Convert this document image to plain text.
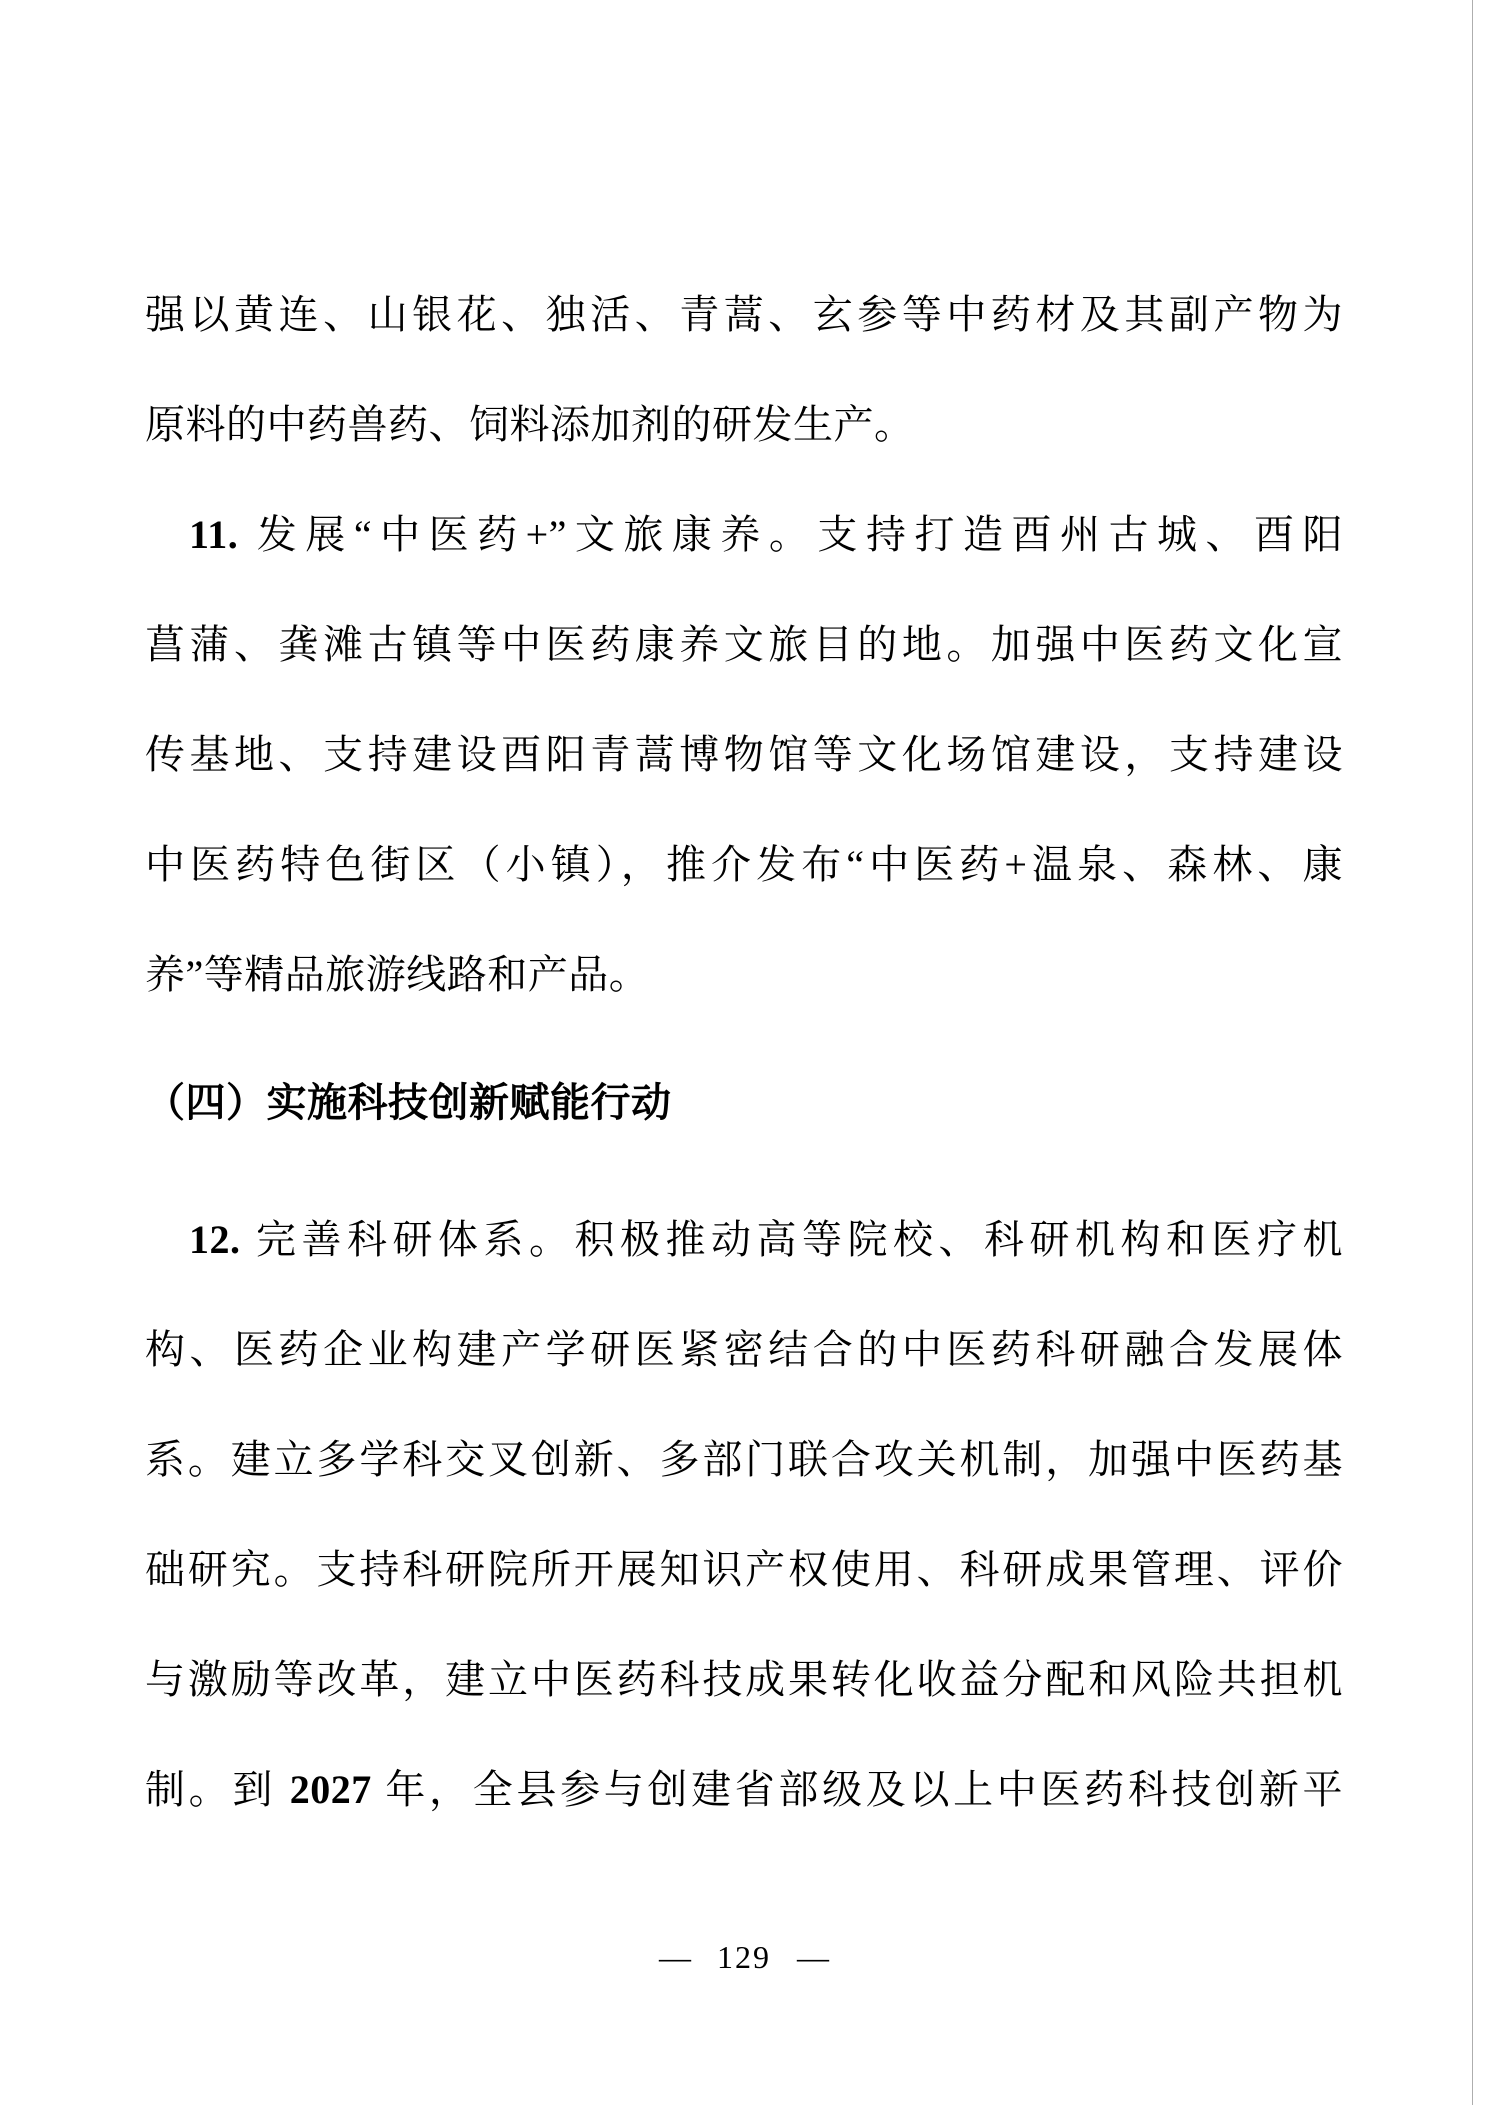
强以黄连、山银花、独活、青蒿、玄参等中药材及其副产物为
原料的中药兽药、饲料添加剂的研发生产。
11. 发展“中医药+”文旅康养。支持打造酉州古城、酉阳
菖蒲、龚滩古镇等中医药康养文旅目的地。加强中医药文化宣
传基地、支持建设酉阳青蒿博物馆等文化场馆建设，支持建设
中医药特色街区（小镇），推介发布“中医药+温泉、森林、康
养”等精品旅游线路和产品。
（四）实施科技创新赋能行动
12. 完善科研体系。积极推动高等院校、科研机构和医疗机
构、医药企业构建产学研医紧密结合的中医药科研融合发展体
系。建立多学科交叉创新、多部门联合攻关机制，加强中医药基
础研究。支持科研院所开展知识产权使用、科研成果管理、评价
与激励等改革，建立中医药科技成果转化收益分配和风险共担机
制。到 2027 年，全县参与创建省部级及以上中医药科技创新平
— 129 —
